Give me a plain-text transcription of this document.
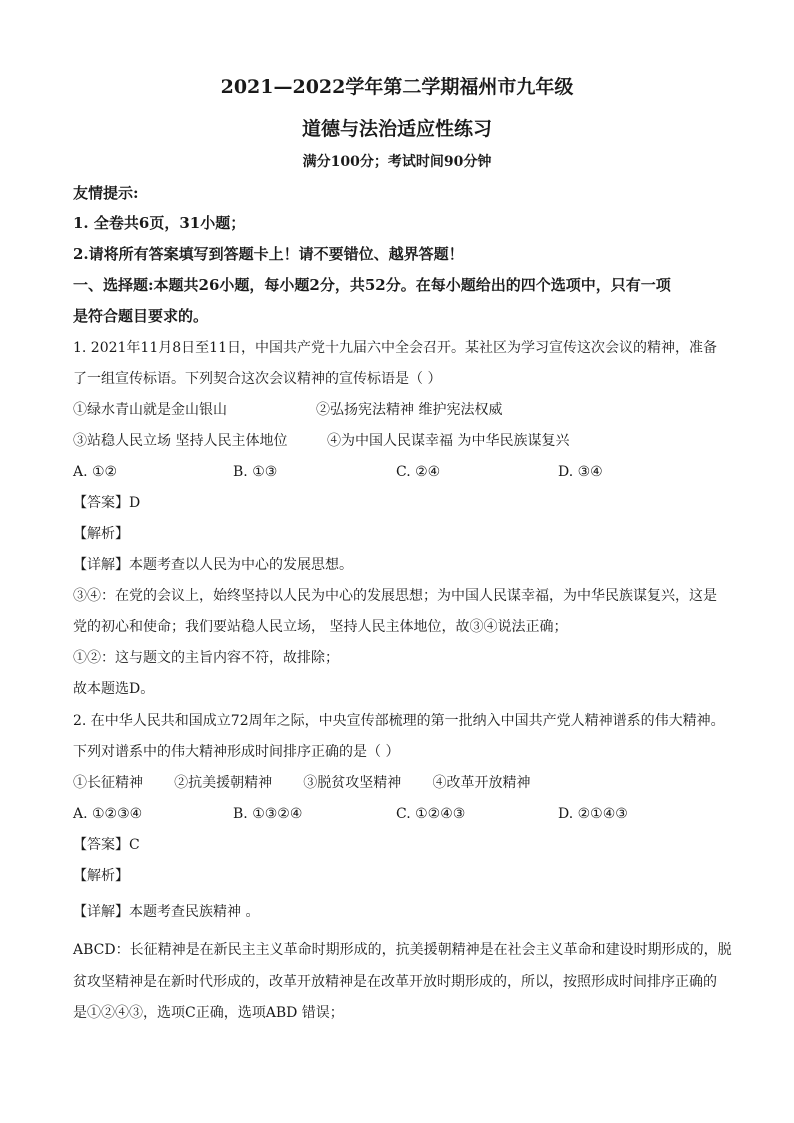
2021—2022学年第二学期福州市九年级
道德与法治适应性练习
满分100分；考试时间90分钟
友情提示:
1. 全卷共6页，31小题；
2.请将所有答案填写到答题卡上！请不要错位、越界答题！
一、选择题:本题共26小题，每小题2分，共52分。在每小题给出的四个选项中，只有一项
是符合题目要求的。
1. 2021年11月8日至11日，中国共产党十九届六中全会召开。某社区为学习宣传这次会议的精神，准备
了一组宣传标语。下列契合这次会议精神的宣传标语是（ ）
①绿水青山就是金山银山	②弘扬宪法精神 维护宪法权威
③站稳人民立场 坚持人民主体地位	④为中国人民谋幸福 为中华民族谋复兴
A. ①②	B. ①③	C. ②④	D. ③④
【答案】D
【解析】
【详解】本题考查以人民为中心的发展思想。
③④：在党的会议上，始终坚持以人民为中心的发展思想；为中国人民谋幸福，为中华民族谋复兴，这是
党的初心和使命；我们要站稳人民立场， 坚持人民主体地位，故③④说法正确；
①②：这与题文的主旨内容不符，故排除；
故本题选D。
2. 在中华人民共和国成立72周年之际，中央宣传部梳理的第一批纳入中国共产党人精神谱系的伟大精神。
下列对谱系中的伟大精神形成时间排序正确的是（ ）
①长征精神       ②抗美援朝精神       ③脱贫攻坚精神       ④改革开放精神
A. ①②③④	B. ①③②④	C. ①②④③	D. ②①④③
【答案】C
【解析】
【详解】本题考查民族精神 。
ABCD：长征精神是在新民主主义革命时期形成的，抗美援朝精神是在社会主义革命和建设时期形成的，脱
贫攻坚精神是在新时代形成的，改革开放精神是在改革开放时期形成的，所以，按照形成时间排序正确的
是①②④③，选项C正确，选项ABD 错误；
